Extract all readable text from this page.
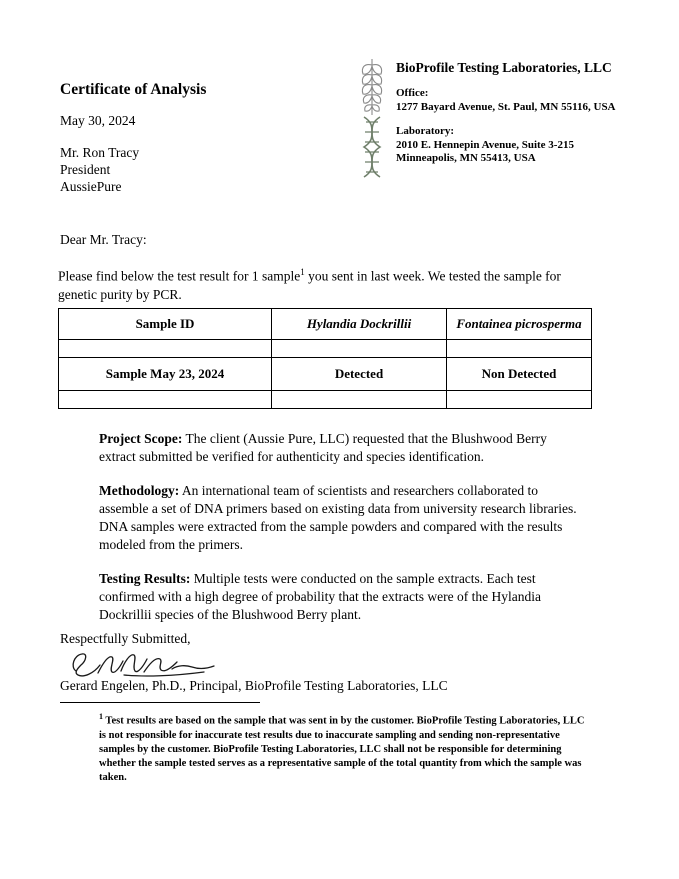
Certificate of Analysis
May 30, 2024
Mr. Ron Tracy
President
AussiePure
BioProfile Testing Laboratories, LLC
Office:
1277 Bayard Avenue, St. Paul, MN 55116, USA
Laboratory:
2010 E. Hennepin Avenue, Suite 3-215
Minneapolis, MN 55413, USA
Dear Mr. Tracy:
Please find below the test result for 1 sample$^1$ you sent in last week. We tested the sample for genetic purity by PCR.
Sample ID	Hylandia Dockrillii	Fontainea picrosperma

Sample May 23, 2024	Detected	Non Detected

Project Scope: The client (Aussie Pure, LLC) requested that the Blushwood Berry extract submitted be verified for authenticity and species identification.

Methodology: An international team of scientists and researchers collaborated to assemble a set of DNA primers based on existing data from university research libraries. DNA samples were extracted from the sample powders and compared with the results modeled from the primers.

Testing Results: Multiple tests were conducted on the sample extracts. Each test confirmed with a high degree of probability that the extracts were of the Hylandia Dockrillii species of the Blushwood Berry plant.

Respectfully Submitted,
Gerard Engelen, Ph.D., Principal, BioProfile Testing Laboratories, LLC
$^1$ Test results are based on the sample that was sent in by the customer. BioProfile Testing Laboratories, LLC is not responsible for inaccurate test results due to inaccurate sampling and sending non-representative samples by the customer. BioProfile Testing Laboratories, LLC shall not be responsible for determining whether the sample tested serves as a representative sample of the total quantity from which the sample was taken.
